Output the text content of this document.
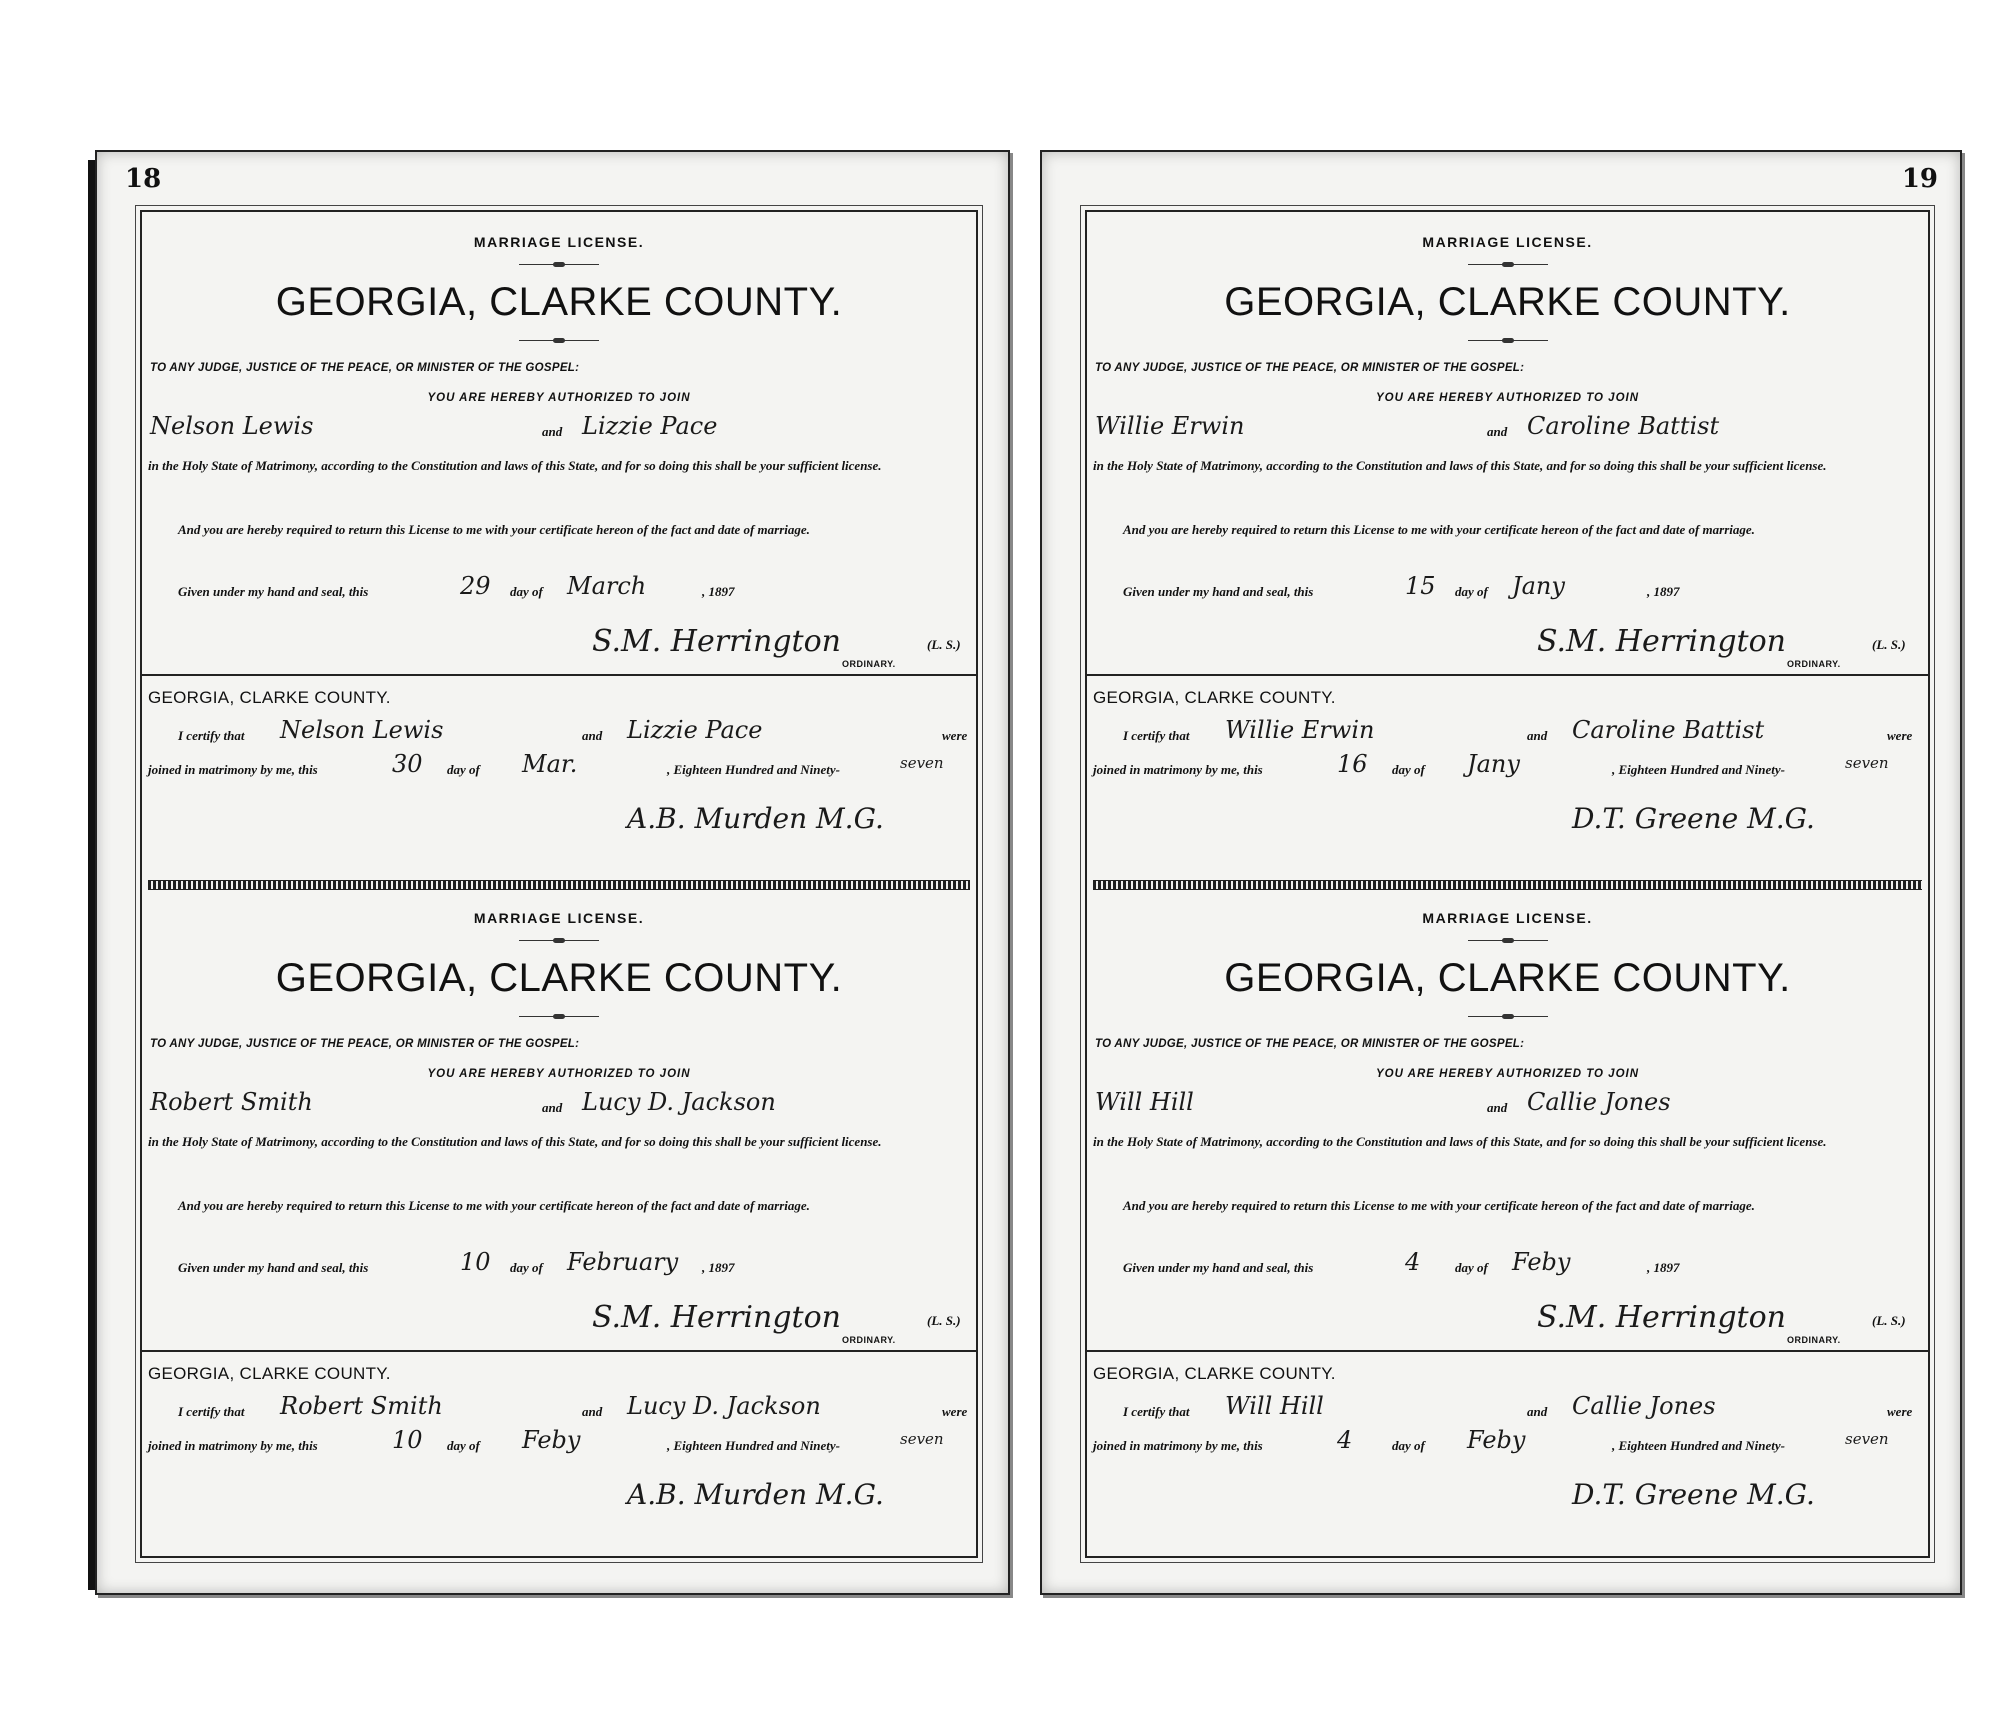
18
MARRIAGE LICENSE.
GEORGIA, CLARKE COUNTY.
TO ANY JUDGE, JUSTICE OF THE PEACE, OR MINISTER OF THE GOSPEL:
YOU ARE HEREBY AUTHORIZED TO JOIN
Nelson Lewis	and Lizzie Pace
in the Holy State of Matrimony, according to the Constitution and laws of this State, and for so doing this shall be your sufficient license.
And you are hereby required to return this License to me with your certificate hereon of the fact and date of marriage.
Given under my hand and seal, this	29 day of March	, 1897
S.M. Herrington	(L. S.)
ORDINARY.
GEORGIA, CLARKE COUNTY.
I certify that Nelson Lewis	and Lizzie Pace	were
joined in matrimony by me, this	30 day of Mar.	, Eighteen Hundred and Ninety-	seven
A.B. Murden M.G.
MARRIAGE LICENSE.
GEORGIA, CLARKE COUNTY.
TO ANY JUDGE, JUSTICE OF THE PEACE, OR MINISTER OF THE GOSPEL:
YOU ARE HEREBY AUTHORIZED TO JOIN
Robert Smith	and Lucy D. Jackson
in the Holy State of Matrimony, according to the Constitution and laws of this State, and for so doing this shall be your sufficient license.
And you are hereby required to return this License to me with your certificate hereon of the fact and date of marriage.
Given under my hand and seal, this	10 day of February , 1897
S.M. Herrington	(L. S.)
ORDINARY.
GEORGIA, CLARKE COUNTY.
I certify that Robert Smith	and Lucy D. Jackson	were
joined in matrimony by me, this	10 day of Feby	, Eighteen Hundred and Ninety-	seven
A.B. Murden M.G.
19
MARRIAGE LICENSE.
GEORGIA, CLARKE COUNTY.
TO ANY JUDGE, JUSTICE OF THE PEACE, OR MINISTER OF THE GOSPEL:
YOU ARE HEREBY AUTHORIZED TO JOIN
Willie Erwin	and Caroline Battist
in the Holy State of Matrimony, according to the Constitution and laws of this State, and for so doing this shall be your sufficient license.
And you are hereby required to return this License to me with your certificate hereon of the fact and date of marriage.
Given under my hand and seal, this	15 day of Jany	, 1897
S.M. Herrington	(L. S.)
ORDINARY.
GEORGIA, CLARKE COUNTY.
I certify that Willie Erwin	and Caroline Battist	were
joined in matrimony by me, this	16 day of Jany	, Eighteen Hundred and Ninety-	seven
D.T. Greene M.G.
MARRIAGE LICENSE.
GEORGIA, CLARKE COUNTY.
TO ANY JUDGE, JUSTICE OF THE PEACE, OR MINISTER OF THE GOSPEL:
YOU ARE HEREBY AUTHORIZED TO JOIN
Will Hill	and Callie Jones
in the Holy State of Matrimony, according to the Constitution and laws of this State, and for so doing this shall be your sufficient license.
And you are hereby required to return this License to me with your certificate hereon of the fact and date of marriage.
Given under my hand and seal, this	4	day of Feby	, 1897
S.M. Herrington	(L. S.)
ORDINARY.
GEORGIA, CLARKE COUNTY.
I certify that Will Hill	and Callie Jones	were
joined in matrimony by me, this	4	day of Feby	, Eighteen Hundred and Ninety-	seven
D.T. Greene M.G.
